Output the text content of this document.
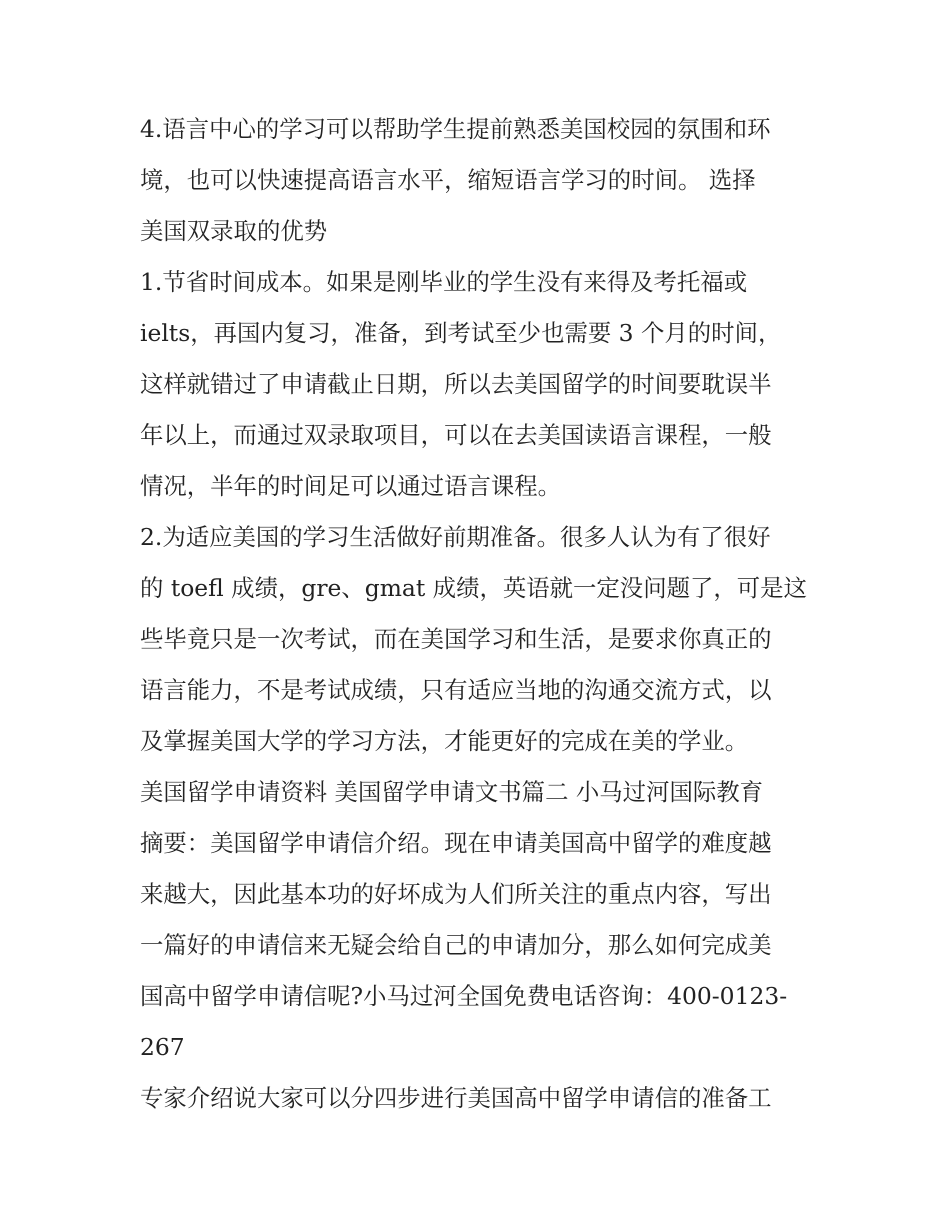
4.语言中心的学习可以帮助学生提前熟悉美国校园的氛围和环
境，也可以快速提高语言水平，缩短语言学习的时间。 选择
美国双录取的优势
1.节省时间成本。如果是刚毕业的学生没有来得及考托福或
ielts，再国内复习，准备，到考试至少也需要 3 个月的时间，
这样就错过了申请截止日期，所以去美国留学的时间要耽误半
年以上，而通过双录取项目，可以在去美国读语言课程，一般
情况，半年的时间足可以通过语言课程。
2.为适应美国的学习生活做好前期准备。很多人认为有了很好
的 toefl 成绩，gre、gmat 成绩，英语就一定没问题了，可是这
些毕竟只是一次考试，而在美国学习和生活，是要求你真正的
语言能力，不是考试成绩，只有适应当地的沟通交流方式，以
及掌握美国大学的学习方法，才能更好的完成在美的学业。
美国留学申请资料 美国留学申请文书篇二 小马过河国际教育
摘要：美国留学申请信介绍。现在申请美国高中留学的难度越
来越大，因此基本功的好坏成为人们所关注的重点内容，写出
一篇好的申请信来无疑会给自己的申请加分，那么如何完成美
国高中留学申请信呢?小马过河全国免费电话咨询：400-0123-
267
专家介绍说大家可以分四步进行美国高中留学申请信的准备工
